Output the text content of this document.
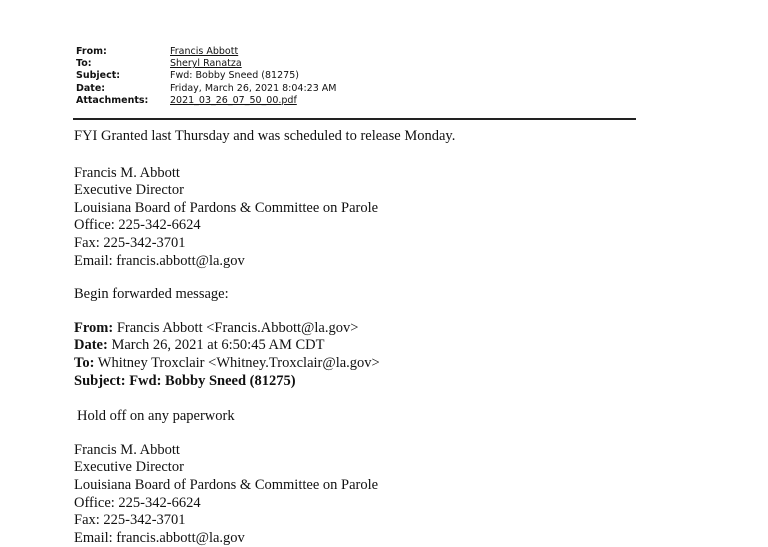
From:	Francis Abbott
To:	Sheryl Ranatza
Subject:	Fwd: Bobby Sneed (81275)
Date:	Friday, March 26, 2021 8:04:23 AM
Attachments:	2021_03_26_07_50_00.pdf

FYI Granted last Thursday and was scheduled to release Monday.

Francis M. Abbott

Executive Director

Louisiana Board of Pardons & Committee on Parole

Office: 225-342-6624

Fax: 225-342-3701

Email: francis.abbott@la.gov

Begin forwarded message:

From: Francis Abbott <Francis.Abbott@la.gov>

Date: March 26, 2021 at 6:50:45 AM CDT

To: Whitney Troxclair <Whitney.Troxclair@la.gov>

Subject: Fwd: Bobby Sneed (81275)

Hold off on any paperwork

Francis M. Abbott

Executive Director

Louisiana Board of Pardons & Committee on Parole

Office: 225-342-6624

Fax: 225-342-3701

Email: francis.abbott@la.gov
